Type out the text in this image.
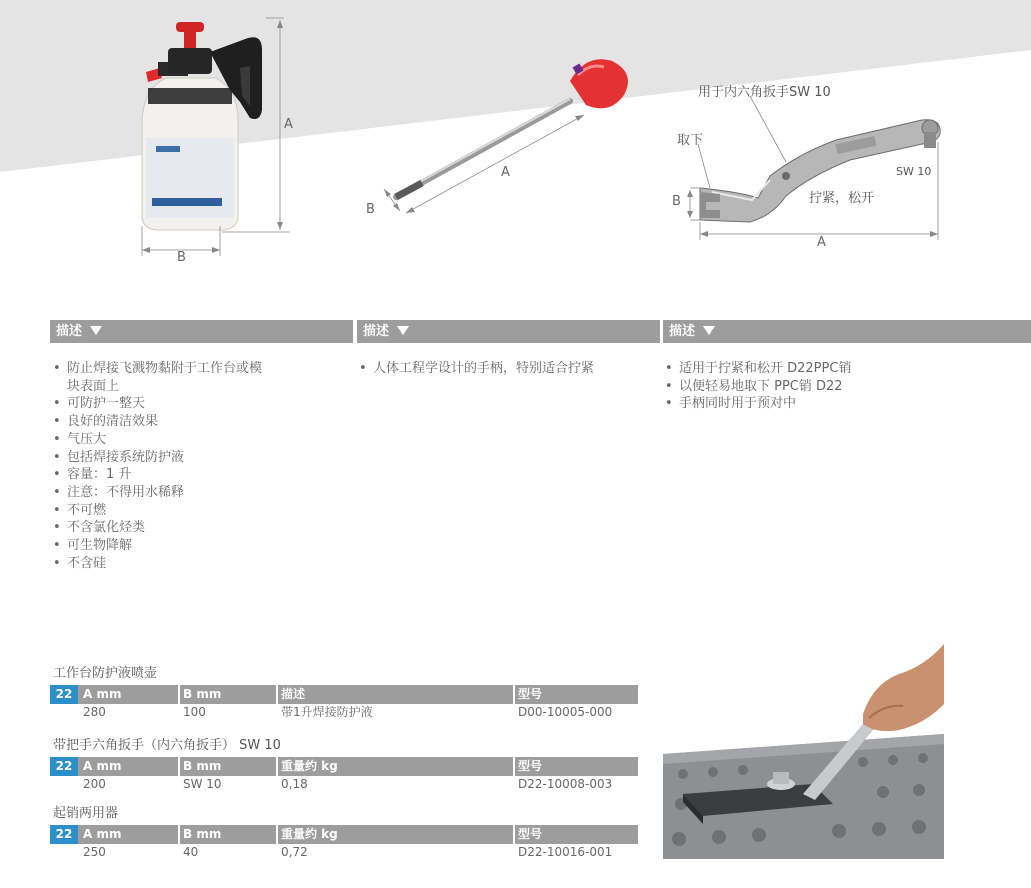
A
B
A
B
用于内六角扳手SW 10
取下
SW 10
拧紧，松开
A
B
描述	描述	描述
• 防止焊接飞溅物黏附于工作台或模
块表面上
• 可防护一整天
• 良好的清洁效果
• 气压大
• 包括焊接系统防护液
• 容量：1 升
• 注意：不得用水稀释
• 不可燃
• 不含氯化烃类
• 可生物降解
• 不含硅
• 人体工程学设计的手柄，特别适合拧紧
•	适用于拧紧和松开 D22PPC销
• 以便轻易地取下 PPC销 D22
• 手柄同时用于预对中
工作台防护液喷壶
22 A mm	B mm	描述	型号
280	100	带1升焊接防护液	D00-10005-000
带把手六角扳手（内六角扳手） SW 10
22 A mm	B mm	重量约 kg	型号
200	SW 10	0,18	D22-10008-003
起销两用器
22 A mm	B mm	重量约 kg	型号
250	40	0,72	D22-10016-001
